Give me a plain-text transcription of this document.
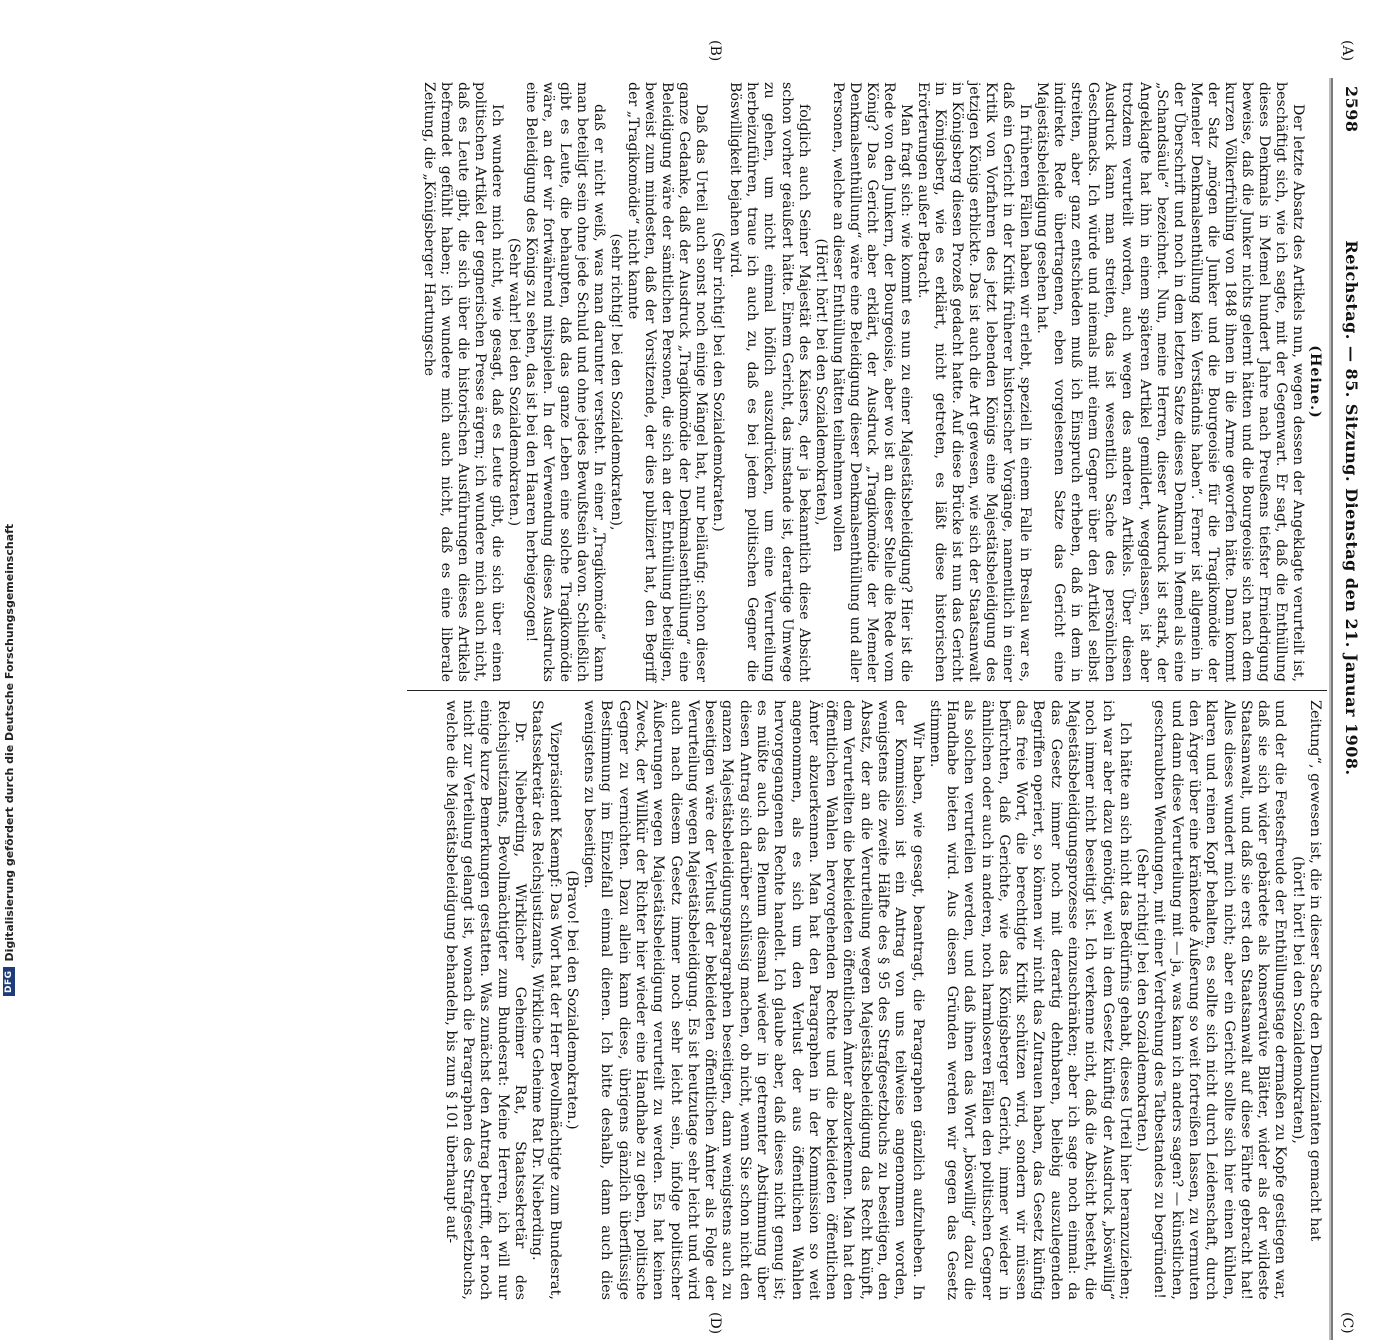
2598
Reichstag. — 85. Sitzung. Dienstag den 21. Januar 1908.
(A)
(B)
(C)
(D)

(Heine.)

Der letzte Absatz des Artikels nun, wegen dessen der Angeklagte verurteilt ist, beschäftigt sich, wie ich sagte, mit der Gegenwart. Er sagt, daß die Enthüllung dieses Denkmals in Memel hundert Jahre nach Preußens tiefster Erniedrigung beweise, daß die Junker nichts gelernt hätten und die Bourgeoisie sich nach dem kurzen Völkerfrühling von 1848 ihnen in die Arme geworfen hätte. Dann kommt der Satz „mögen die Junker und die Bourgeoisie für die Tragikomödie der Memeler Denkmalsenthüllung kein Verständnis haben“. Ferner ist allgemein in der Überschrift und noch in dem letzten Satze dieses Denkmal in Memel als eine „Schandsäule“ bezeichnet. Nun, meine Herren, dieser Ausdruck ist stark, der Angeklagte hat ihn in einem späteren Artikel gemildert, weggelassen, ist aber trotzdem verurteilt worden, auch wegen des anderen Artikels. Über diesen Ausdruck kann man streiten, das ist wesentlich Sache des persönlichen Geschmacks. Ich würde und niemals mit einem Gegner über den Artikel selbst streiten, aber ganz entschieden muß ich Einspruch erheben, daß in dem in indirekte Rede übertragenen, eben vorgelesenen Satze das Gericht eine Majestätsbeleidigung gesehen hat.

In früheren Fällen haben wir erlebt, speziell in einem Falle in Breslau war es, daß ein Gericht in der Kritik früherer historischer Vorgänge, namentlich in einer Kritik von Vorfahren des jetzt lebenden Königs eine Majestätsbeleidigung des jetzigen Königs erblickte. Das ist auch die Art gewesen, wie sich der Staatsanwalt in Königsberg diesen Prozeß gedacht hatte. Auf diese Brücke ist nun das Gericht in Königsberg, wie es erklärt, nicht getreten, es läßt diese historischen Erörterungen außer Betracht.

Man fragt sich: wie kommt es nun zu einer Majestätsbeleidigung? Hier ist die Rede von den Junkern, der Bourgeoisie, aber wo ist an dieser Stelle die Rede vom König? Das Gericht aber erklärt, der Ausdruck „Tragikomödie der Memeler Denkmalsenthüllung“ wäre eine Beleidigung dieser Denkmalsenthüllung und aller Personen, welche an dieser Enthüllung hätten teilnehmen wollen

(Hört! hört! bei den Sozialdemokraten),

folglich auch Seiner Majestät des Kaisers, der ja bekanntlich diese Absicht schon vorher geäußert hätte. Einem Gericht, das imstande ist, derartige Umwege zu gehen, um nicht einmal höflich auszudrücken, um eine Verurteilung herbeizuführen, traue ich auch zu, daß es bei jedem politischen Gegner die Böswilligkeit bejahen wird.

(Sehr richtig! bei den Sozialdemokraten.)

Daß das Urteil auch sonst noch einige Mängel hat, nur beiläufig: schon dieser ganze Gedanke, daß der Ausdruck „Tragikomödie der Denkmalsenthüllung“ eine Beleidigung wäre der sämtlichen Personen, die sich an der Enthüllung beteiligen, beweist zum mindesten, daß der Vorsitzende, der dies publiziert hat, den Begriff der „Tragikomödie“ nicht kannte

(sehr richtig! bei den Sozialdemokraten),

daß er nicht weiß, was man darunter versteht. In einer „Tragikomödie“ kann man beteiligt sein ohne jede Schuld und ohne jedes Bewußtsein davon. Schließlich gibt es Leute, die behaupten, daß das ganze Leben eine solche Tragikomödie wäre, an der wir fortwährend mitspielen. In der Verwendung dieses Ausdrucks eine Beleidigung des Königs zu sehen, das ist bei den Haaren herbeigezogen!

(Sehr wahr! bei den Sozialdemokraten.)

Ich wundere mich nicht, wie gesagt, daß es Leute gibt, die sich über einen politischen Artikel der gegnerischen Presse ärgern; ich wundere mich auch nicht, daß es Leute gibt, die sich über die historischen Ausführungen dieses Artikels befremdet gefühlt haben; ich wundere mich auch nicht, daß es eine liberale Zeitung, die „Königsberger Hartungsche

Zeitung“, gewesen ist, die in dieser Sache den Denunzianten gemacht hat

(hört! hört! bei den Sozialdemokraten),

und der die Festesfreude der Enthüllungstage dermaßen zu Kopfe gestiegen war, daß sie sich wider gebärdete als konservative Blätter, wider als der wildeste Staatsanwalt, und daß sie erst den Staatsanwalt auf diese Fährte gebracht hat! Alles dieses wundert mich nicht; aber ein Gericht sollte sich hier einen kühlen, klaren und reinen Kopf behalten, es sollte sich nicht durch Leidenschaft, durch den Ärger über eine kränkende Äußerung so weit fortreißen lassen, zu vermuten und dann diese Verurteilung mit — ja, was kann ich anders sagen? — künstlichen, geschraubten Wendungen, mit einer Verdrehung des Tatbestandes zu begründen!

(Sehr richtig! bei den Sozialdemokraten.)

Ich hätte an sich nicht das Bedürfnis gehabt, dieses Urteil hier heranzuziehen; ich war aber dazu genötigt, weil in dem Gesetz künftig der Ausdruck „böswillig“ noch immer nicht beseitigt ist. Ich verkenne nicht, daß die Absicht besteht, die Majestätsbeleidigungsprozesse einzuschränken; aber ich sage noch einmal: da das Gesetz immer noch mit derartig dehnbaren, beliebig auszulegenden Begriffen operiert, so können wir nicht das Zutrauen haben, das Gesetz künftig das freie Wort, die berechtigte Kritik schützen wird, sondern wir müssen befürchten, daß Gerichte, wie das Königsberger Gericht, immer wieder in ähnlichen oder auch in anderen, noch harmloseren Fällen den politischen Gegner als solchen verurteilen werden, und daß ihnen das Wort „böswillig“ dazu die Handhabe bieten wird. Aus diesen Gründen werden wir gegen das Gesetz stimmen.

Wir haben, wie gesagt, beantragt, die Paragraphen gänzlich aufzuheben. In der Kommission ist ein Antrag von uns teilweise angenommen worden, wenigstens die zweite Hälfte des § 95 des Strafgesetzbuchs zu beseitigen, den Absatz, der an die Verurteilung wegen Majestätsbeleidigung das Recht knüpft, dem Verurteilten die bekleideten öffentlichen Ämter abzuerkennen. Man hat den öffentlichen Wahlen hervorgehenden Rechte und die bekleideten öffentlichen Ämter abzuerkennen. Man hat den Paragraphen in der Kommission so weit angenommen, als es sich um den Verlust der aus öffentlichen Wahlen hervorgegangenen Rechte handelt. Ich glaube aber, daß dieses nicht genug ist; es müßte auch das Plenum diesmal wieder in getrennter Abstimmung über diesen Antrag sich darüber schlüssig machen, ob nicht, wenn Sie schon nicht den ganzen Majestätsbeleidigungsparagraphen beseitigen, dann wenigstens auch zu beseitigen wäre der Verlust der bekleideten öffentlichen Ämter als Folge der Verurteilung wegen Majestätsbeleidigung. Es ist heutzutage sehr leicht und wird auch nach diesem Gesetz immer noch sehr leicht sein, infolge politischer Äußerungen wegen Majestätsbeleidigung verurteilt zu werden. Es hat keinen Zweck, der Willkür der Richter hier wieder eine Handhabe zu geben, politische Gegner zu vernichten. Dazu allein kann diese, übrigens gänzlich überflüssige Bestimmung im Einzelfall einmal dienen. Ich bitte deshalb, dann auch dies wenigstens zu beseitigen.

(Bravo! bei den Sozialdemokraten.)

Vizepräsident Kaempf: Das Wort hat der Herr Bevollmächtigte zum Bundesrat, Staatssekretär des Reichsjustizamts, Wirkliche Geheime Rat Dr. Nieberding.

Dr. Nieberding, Wirklicher Geheimer Rat, Staatssekretär des Reichsjustizamts, Bevollmächtigter zum Bundesrat: Meine Herren, ich will nur einige kurze Bemerkungen gestatten. Was zunächst den Antrag betrifft, der noch nicht zur Verteilung gelangt ist, wonach die Paragraphen des Strafgesetzbuchs, welche die Majestätsbeleidigung behandeln, bis zum § 101 überhaupt auf-

DFG
Digitalisierung gefördert durch die Deutsche Forschungsgemeinschaft
